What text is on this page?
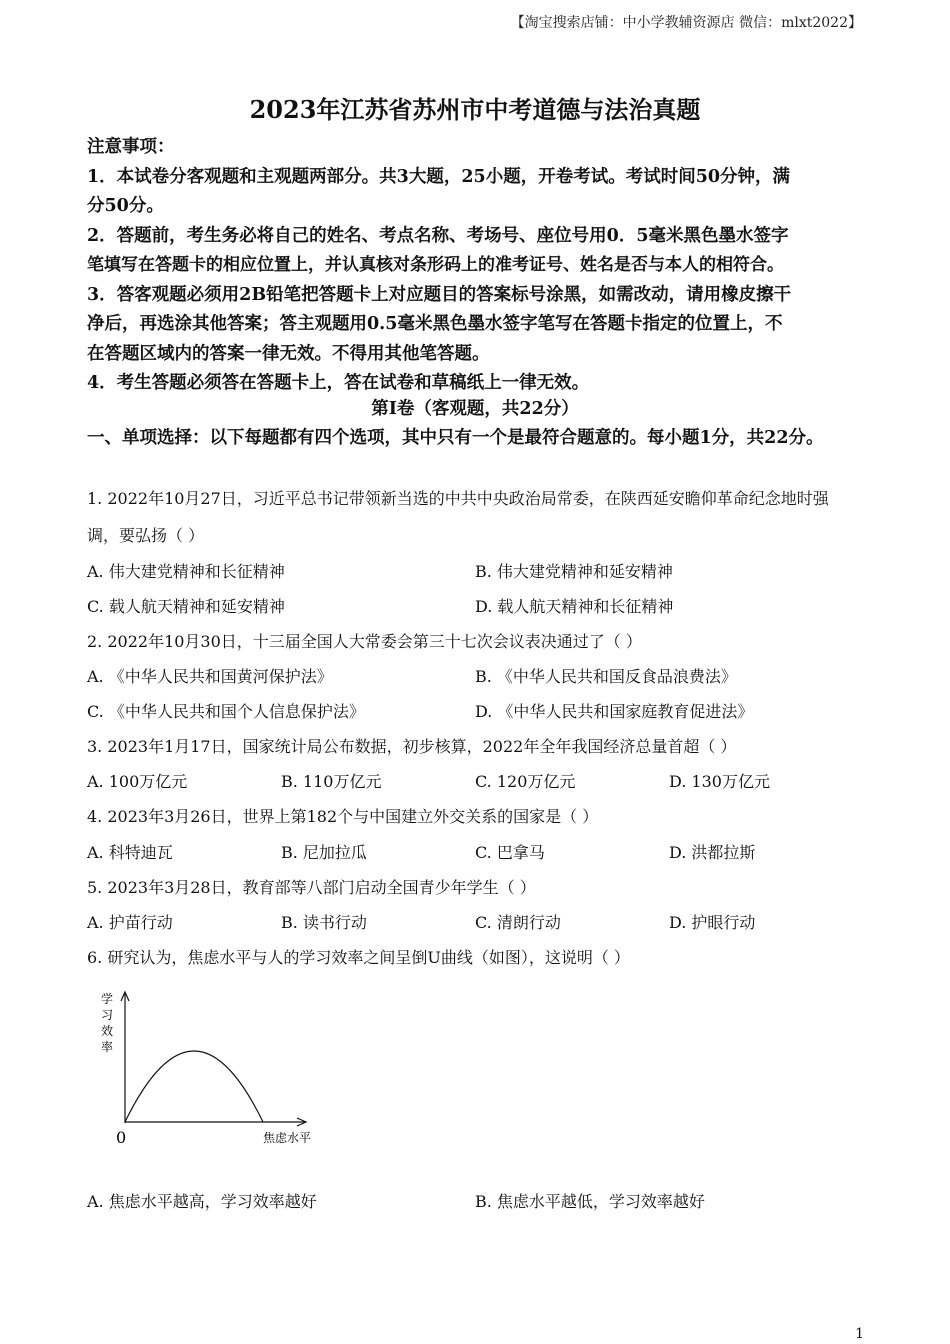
【淘宝搜索店铺：中小学教辅资源店 微信：mlxt2022】
2023年江苏省苏州市中考道德与法治真题
注意事项：
1．本试卷分客观题和主观题两部分。共3大题，25小题，开卷考试。考试时间50分钟，满
分50分。
2．答题前，考生务必将自己的姓名、考点名称、考场号、座位号用0．5毫米黑色墨水签字
笔填写在答题卡的相应位置上，并认真核对条形码上的准考证号、姓名是否与本人的相符合。
3．答客观题必须用2B铅笔把答题卡上对应题目的答案标号涂黑，如需改动，请用橡皮擦干
净后，再选涂其他答案；答主观题用0.5毫米黑色墨水签字笔写在答题卡指定的位置上，不
在答题区域内的答案一律无效。不得用其他笔答题。
4．考生答题必须答在答题卡上，答在试卷和草稿纸上一律无效。
第I卷（客观题，共22分）
一、单项选择：以下每题都有四个选项，其中只有一个是最符合题意的。每小题1分，共22分。
1. 2022年10月27日，习近平总书记带领新当选的中共中央政治局常委，在陕西延安瞻仰革命纪念地时强
调，要弘扬（ ）
A. 伟大建党精神和长征精神	B. 伟大建党精神和延安精神
C. 载人航天精神和延安精神	D. 载人航天精神和长征精神
2. 2022年10月30日，十三届全国人大常委会第三十七次会议表决通过了（ ）
A. 《中华人民共和国黄河保护法》	B. 《中华人民共和国反食品浪费法》
C. 《中华人民共和国个人信息保护法》	D. 《中华人民共和国家庭教育促进法》
3. 2023年1月17日，国家统计局公布数据，初步核算，2022年全年我国经济总量首超（ ）
A. 100万亿元	B. 110万亿元	C. 120万亿元	D. 130万亿元
4. 2023年3月26日，世界上第182个与中国建立外交关系的国家是（ ）
A. 科特迪瓦	B. 尼加拉瓜	C. 巴拿马	D. 洪都拉斯
5. 2023年3月28日，教育部等八部门启动全国青少年学生（ ）
A. 护苗行动	B. 读书行动	C. 清朗行动	D. 护眼行动
6. 研究认为，焦虑水平与人的学习效率之间呈倒U曲线（如图），这说明（ ）
学
习
效
率
0	焦虑水平
A. 焦虑水平越高，学习效率越好	B. 焦虑水平越低，学习效率越好
1
